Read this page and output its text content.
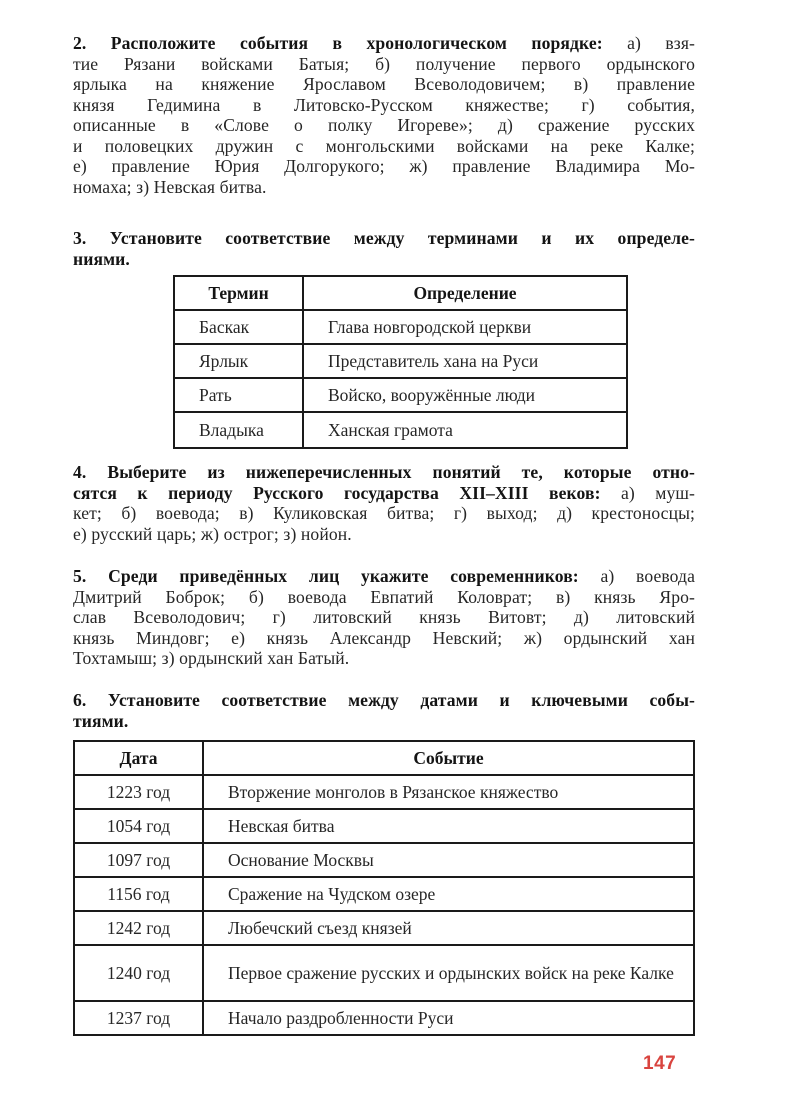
2. Расположите события в хронологическом порядке: а) взя-
тие Рязани войсками Батыя; б) получение первого ордынского
ярлыка на княжение Ярославом Всеволодовичем; в) правление
князя Гедимина в Литовско-Русском княжестве; г) события,
описанные в «Слове о полку Игореве»; д) сражение русских
и половецких дружин с монгольскими войсками на реке Калке;
е) правление Юрия Долгорукого; ж) правление Владимира Мо-
номаха; з) Невская битва.
3. Установите соответствие между терминами и их определе-
ниями.
Термин	Определение
Баскак	Глава новгородской церкви
Ярлык	Представитель хана на Руси
Рать	Войско, вооружённые люди
Владыка	Ханская грамота
4. Выберите из нижеперечисленных понятий те, которые отно-
сятся к периоду Русского государства XII–XIII веков: а) муш-
кет; б) воевода; в) Куликовская битва; г) выход; д) крестоносцы;
е) русский царь; ж) острог; з) нойон.
5. Среди приведённых лиц укажите современников: а) воевода
Дмитрий Боброк; б) воевода Евпатий Коловрат; в) князь Яро-
слав Всеволодович; г) литовский князь Витовт; д) литовский
князь Миндовг; е) князь Александр Невский; ж) ордынский хан
Тохтамыш; з) ордынский хан Батый.
6. Установите соответствие между датами и ключевыми собы-
тиями.
Дата	Событие
1223 год	Вторжение монголов в Рязанское княжество
1054 год	Невская битва
1097 год	Основание Москвы
1156 год	Сражение на Чудском озере
1242 год	Любечский съезд князей
1240 год	Первое сражение русских и ордынских войск на реке Калке
1237 год	Начало раздробленности Руси
147
